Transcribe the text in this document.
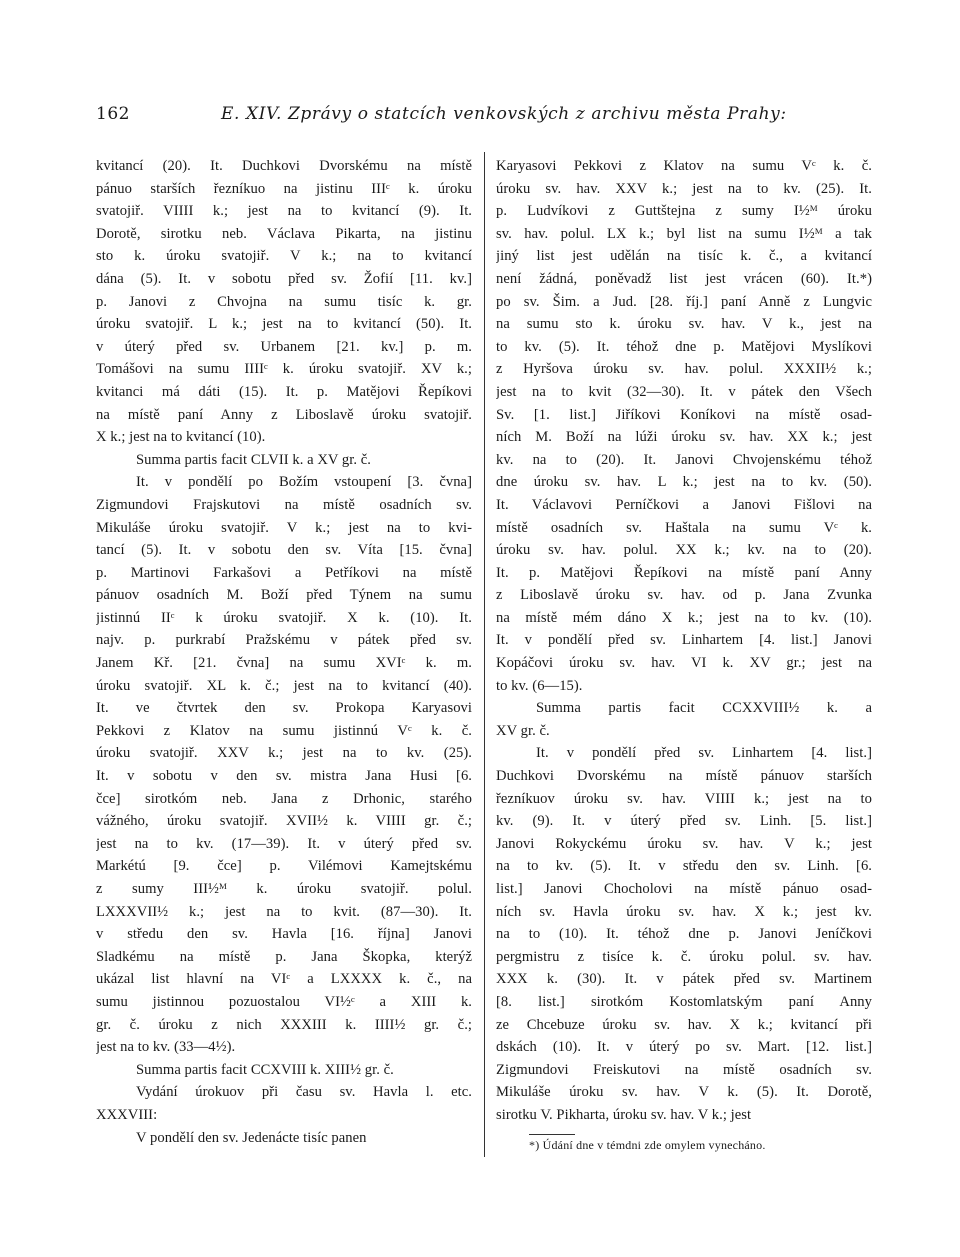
162	E. XIV. Zprávy o statcích venkovských z archivu města Prahy:
kvitancí (20). It. Duchkovi Dvorskému na místě
pánuo starších řezníkuo na jistinu IIIᶜ k. úroku
svatojiř. VIIII k.; jest na to kvitancí (9). It.
Dorotě, sirotku neb. Václava Pikarta, na jistinu
sto k. úroku svatojiř. V k.; na to kvitancí
dána (5). It. v sobotu před sv. Žofií [11. kv.]
p. Janovi z Chvojna na sumu tisíc k. gr.
úroku svatojiř. L k.; jest na to kvitancí (50). It.
v úterý před sv. Urbanem [21. kv.] p. m.
Tomášovi na sumu IIIIᶜ k. úroku svatojiř. XV k.;
kvitanci má dáti (15). It. p. Matějovi Řepíkovi
na místě paní Anny z Liboslavě úroku svatojiř.
X k.; jest na to kvitancí (10).
Summa partis facit CLVII k. a XV gr. č.
It. v pondělí po Božím vstoupení [3. čvna]
Zigmundovi Frajskutovi na místě osadních sv.
Mikuláše úroku svatojiř. V k.; jest na to kvi-
tancí (5). It. v sobotu den sv. Víta [15. čvna]
p. Martinovi Farkašovi a Petříkovi na místě
pánuov osadních M. Boží před Týnem na sumu
jistinnú IIᶜ k úroku svatojiř. X k. (10). It.
najv. p. purkrabí Pražskému v pátek před sv.
Janem Kř. [21. čvna] na sumu XVIᶜ k. m.
úroku svatojiř. XL k. č.; jest na to kvitancí (40).
It. ve čtvrtek den sv. Prokopa Karyasovi
Pekkovi z Klatov na sumu jistinnú Vᶜ k. č.
úroku svatojiř. XXV k.; jest na to kv. (25).
It. v sobotu v den sv. mistra Jana Husi [6.
čce] sirotkóm neb. Jana z Drhonic, starého
vážného, úroku svatojiř. XVII½ k. VIIII gr. č.;
jest na to kv. (17—39). It. v úterý před sv.
Markétú [9. čce] p. Vilémovi Kamejtskému
z sumy III½ᴹ k. úroku svatojiř. polul.
LXXXVII½ k.; jest na to kvit. (87—30). It.
v středu den sv. Havla [16. října] Janovi
Sladkému na místě p. Jana Škopka, kterýž
ukázal list hlavní na VIᶜ a LXXXX k. č., na
sumu jistinnou pozuostalou VI½ᶜ a XIII k.
gr. č. úroku z nich XXXIII k. IIII½ gr. č.;
jest na to kv. (33—4½).
Summa partis facit CCXVIII k. XIII½ gr. č.
Vydání úrokuov při času sv. Havla l. etc.
XXXVIII:
V pondělí den sv. Jedenácte tisíc panen
Karyasovi Pekkovi z Klatov na sumu Vᶜ k. č.
úroku sv. hav. XXV k.; jest na to kv. (25). It.
p. Ludvíkovi z Guttštejna z sumy I½ᴹ úroku
sv. hav. polul. LX k.; byl list na sumu I½ᴹ a tak
jiný list jest udělán na tisíc k. č., a kvitancí
není žádná, poněvadž list jest vrácen (60). It.*)
po sv. Šim. a Jud. [28. říj.] paní Anně z Lungvic
na sumu sto k. úroku sv. hav. V k., jest na
to kv. (5). It. téhož dne p. Matějovi Myslíkovi
z Hyršova úroku sv. hav. polul. XXXII½ k.;
jest na to kvit (32—30). It. v pátek den Všech
Sv. [1. list.] Jiříkovi Koníkovi na místě osad-
ních M. Boží na lúži úroku sv. hav. XX k.; jest
kv. na to (20). It. Janovi Chvojenskému téhož
dne úroku sv. hav. L k.; jest na to kv. (50).
It. Václavovi Perníčkovi a Janovi Fišlovi na
místě osadních sv. Haštala na sumu Vᶜ k.
úroku sv. hav. polul. XX k.; kv. na to (20).
It. p. Matějovi Řepíkovi na místě paní Anny
z Liboslavě úroku sv. hav. od p. Jana Zvunka
na místě mém dáno X k.; jest na to kv. (10).
It. v pondělí před sv. Linhartem [4. list.] Janovi
Kopáčovi úroku sv. hav. VI k. XV gr.; jest na
to kv. (6—15).
Summa partis facit CCXXVIII½ k. a
XV gr. č.
It. v pondělí před sv. Linhartem [4. list.]
Duchkovi Dvorskému na místě pánuov starších
řezníkuov úroku sv. hav. VIIII k.; jest na to
kv. (9). It. v úterý před sv. Linh. [5. list.]
Janovi Rokyckému úroku sv. hav. V k.; jest
na to kv. (5). It. v středu den sv. Linh. [6.
list.] Janovi Chocholovi na místě pánuo osad-
ních sv. Havla úroku sv. hav. X k.; jest kv.
na to (10). It. téhož dne p. Janovi Jeníčkovi
pergmistru z tisíce k. č. úroku polul. sv. hav.
XXX k. (30). It. v pátek před sv. Martinem
[8. list.] sirotkóm Kostomlatským paní Anny
ze Chcebuze úroku sv. hav. X k.; kvitancí při
dskách (10). It. v úterý po sv. Mart. [12. list.]
Zigmundovi Freiskutovi na místě osadních sv.
Mikuláše úroku sv. hav. V k. (5). It. Dorotě,
sirotku V. Pikharta, úroku sv. hav. V k.; jest
*) Údání dne v témdni zde omylem vynecháno.
